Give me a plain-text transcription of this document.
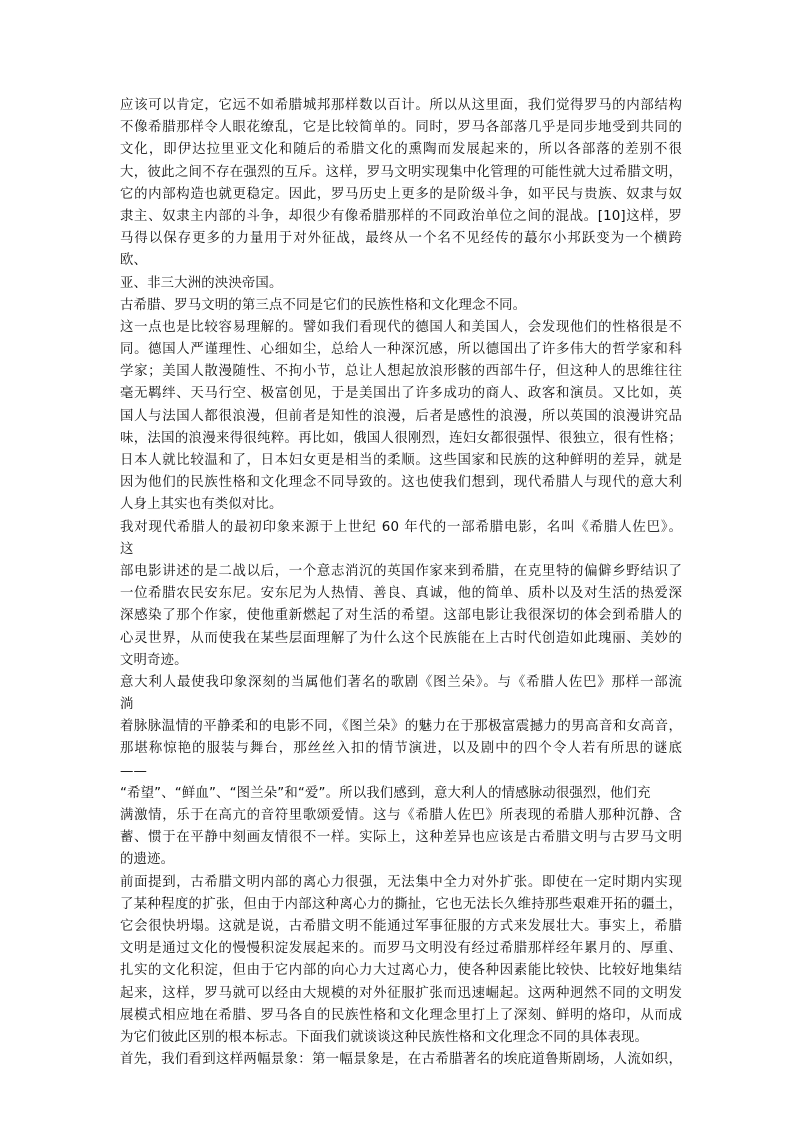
应该可以肯定，它远不如希腊城邦那样数以百计。所以从这里面，我们觉得罗马的内部结构
不像希腊那样令人眼花缭乱，它是比较简单的。同时，罗马各部落几乎是同步地受到共同的
文化，即伊达拉里亚文化和随后的希腊文化的熏陶而发展起来的，所以各部落的差别不很
大，彼此之间不存在强烈的互斥。这样，罗马文明实现集中化管理的可能性就大过希腊文明，
它的内部构造也就更稳定。因此，罗马历史上更多的是阶级斗争，如平民与贵族、奴隶与奴
隶主、奴隶主内部的斗争，却很少有像希腊那样的不同政治单位之间的混战。[10]这样，罗
马得以保存更多的力量用于对外征战，最终从一个名不见经传的蕞尔小邦跃变为一个横跨
欧、
亚、非三大洲的泱泱帝国。
古希腊、罗马文明的第三点不同是它们的民族性格和文化理念不同。
这一点也是比较容易理解的。譬如我们看现代的德国人和美国人，会发现他们的性格很是不
同。德国人严谨理性、心细如尘，总给人一种深沉感，所以德国出了许多伟大的哲学家和科
学家；美国人散漫随性、不拘小节，总让人想起放浪形骸的西部牛仔，但这种人的思维往往
毫无羁绊、天马行空、极富创见，于是美国出了许多成功的商人、政客和演员。又比如，英
国人与法国人都很浪漫，但前者是知性的浪漫，后者是感性的浪漫，所以英国的浪漫讲究品
味，法国的浪漫来得很纯粹。再比如，俄国人很刚烈，连妇女都很强悍、很独立，很有性格；
日本人就比较温和了，日本妇女更是相当的柔顺。这些国家和民族的这种鲜明的差异，就是
因为他们的民族性格和文化理念不同导致的。这也使我们想到，现代希腊人与现代的意大利
人身上其实也有类似对比。
我对现代希腊人的最初印象来源于上世纪 60 年代的一部希腊电影，名叫《希腊人佐巴》。
这
部电影讲述的是二战以后，一个意志消沉的英国作家来到希腊，在克里特的偏僻乡野结识了
一位希腊农民安东尼。安东尼为人热情、善良、真诚，他的简单、质朴以及对生活的热爱深
深感染了那个作家，使他重新燃起了对生活的希望。这部电影让我很深切的体会到希腊人的
心灵世界，从而使我在某些层面理解了为什么这个民族能在上古时代创造如此瑰丽、美妙的
文明奇迹。
意大利人最使我印象深刻的当属他们著名的歌剧《图兰朵》。与《希腊人佐巴》那样一部流
淌
着脉脉温情的平静柔和的电影不同，《图兰朵》的魅力在于那极富震撼力的男高音和女高音，
那堪称惊艳的服装与舞台，那丝丝入扣的情节演进，以及剧中的四个令人若有所思的谜底
——
“希望”、“鲜血”、“图兰朵”和“爱”。所以我们感到，意大利人的情感脉动很强烈，他们充
满激情，乐于在高亢的音符里歌颂爱情。这与《希腊人佐巴》所表现的希腊人那种沉静、含
蓄、惯于在平静中刻画友情很不一样。实际上，这种差异也应该是古希腊文明与古罗马文明
的遗迹。
前面提到，古希腊文明内部的离心力很强，无法集中全力对外扩张。即使在一定时期内实现
了某种程度的扩张，但由于内部这种离心力的撕扯，它也无法长久维持那些艰难开拓的疆土，
它会很快坍塌。这就是说，古希腊文明不能通过军事征服的方式来发展壮大。事实上，希腊
文明是通过文化的慢慢积淀发展起来的。而罗马文明没有经过希腊那样经年累月的、厚重、
扎实的文化积淀，但由于它内部的向心力大过离心力，使各种因素能比较快、比较好地集结
起来，这样，罗马就可以经由大规模的对外征服扩张而迅速崛起。这两种迥然不同的文明发
展模式相应地在希腊、罗马各自的民族性格和文化理念里打上了深刻、鲜明的烙印，从而成
为它们彼此区别的根本标志。下面我们就谈谈这种民族性格和文化理念不同的具体表现。
首先，我们看到这样两幅景象：第一幅景象是，在古希腊著名的埃庇道鲁斯剧场，人流如织，
